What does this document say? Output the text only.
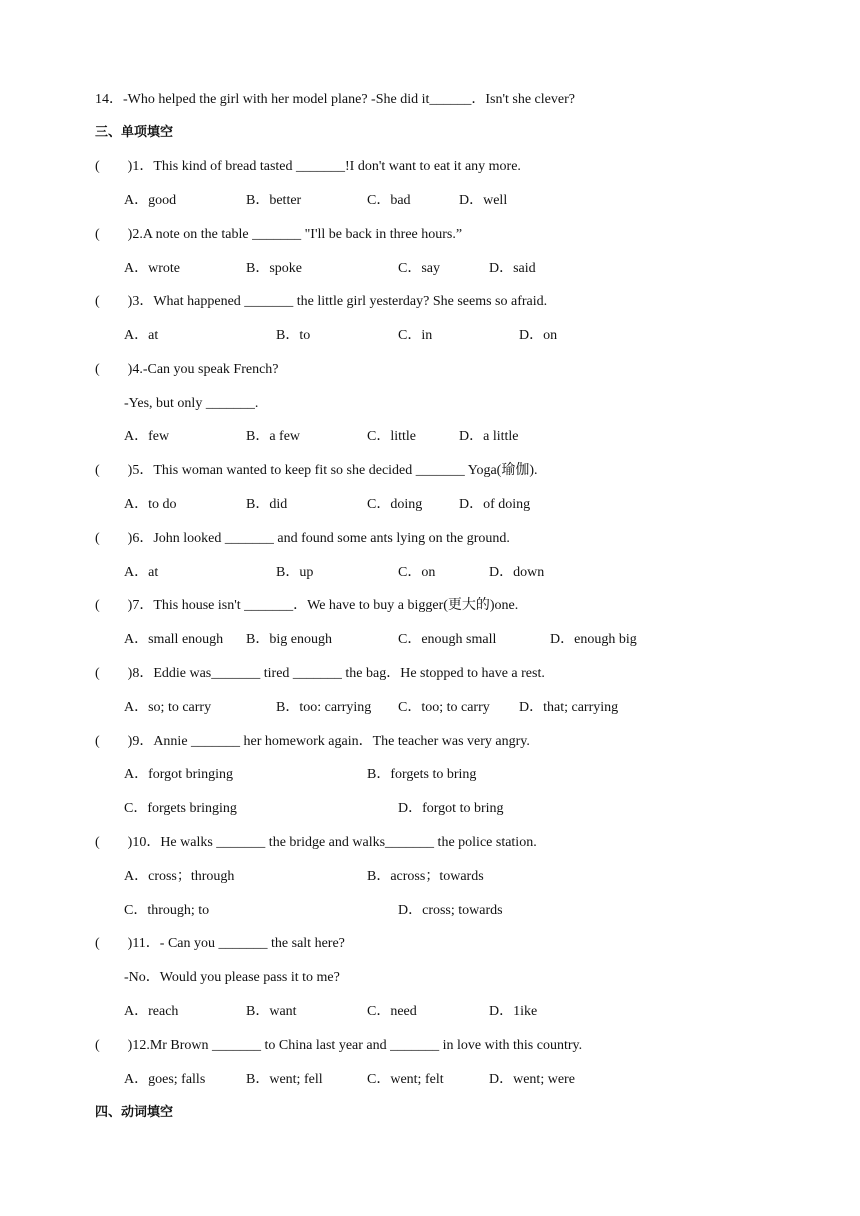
14．-Who helped the girl with her model plane? -She did it______．Isn't she clever?
三、单项填空
(        )1．This kind of bread tasted _______!I don't want to eat it any more.
A．good	B．better	C．bad	D．well
(        )2.A note on the table _______ "I'll be back in three hours.”
A．wrote	B．spoke	C．say	D．said
(        )3．What happened _______ the little girl yesterday? She seems so afraid.
A．at	B．to	C．in	D．on
(        )4.-Can you speak French?
-Yes, but only _______.
A．few	B．a few	C．little	D．a little
(        )5．This woman wanted to keep fit so she decided _______ Yoga(瑜伽).
A．to do	B．did	C．doing	D．of doing
(        )6．John looked _______ and found some ants lying on the ground.
A．at	B．up	C．on	D．down
(        )7．This house isn't _______．We have to buy a bigger(更大的)one.
A．small enough B．big enough	C．enough small	D．enough big
(        )8．Eddie was_______ tired _______ the bag．He stopped to have a rest.
A．so; to carry	B．too: carrying C．too; to carry D．that; carrying
(        )9．Annie _______ her homework again．The teacher was very angry.
A．forgot bringing	B．forgets to bring
C．forgets bringing	D．forgot to bring
(        )10．He walks _______ the bridge and walks_______ the police station.
A．cross；through	B．across；towards
C．through; to	D．cross; towards
(        )11．- Can you _______ the salt here?
-No．Would you please pass it to me?
A．reach	B．want	C．need	D．1ike
(        )12.Mr Brown _______ to China last year and _______ in love with this country.
A．goes; falls	B．went; fell	C．went; felt	D．went; were
四、动词填空
